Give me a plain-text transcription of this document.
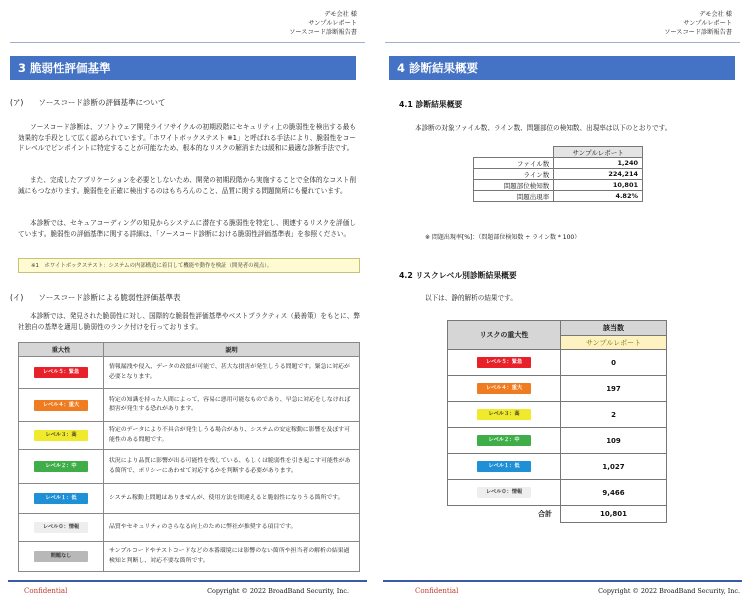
デモ会社 様
サンプルレポート
ソースコード診断報告書
3 脆弱性評価基準
(ア)　　ソースコード診断の評価基準について
ソースコード診断は、ソフトウェア開発ライフサイクルの初期段階にセキュリティ上の脆弱性を検出する最も効果的な手段として広く認められています。「ホワイトボックステスト ※1」と呼ばれる手法により、脆弱性をコードレベルでピンポイントに特定することが可能なため、根本的なリスクの解消または緩和に最適な診断手法です。
また、完成したアプリケーションを必要としないため、開発の初期段階から実施することで全体的なコスト削減にもつながります。脆弱性を正確に検出するのはもちろんのこと、品質に関する問題箇所にも優れています。
本診断では、セキュアコーディングの知見からシステムに潜在する脆弱性を特定し、関連するリスクを評価しています。脆弱性の評価基準に関する詳細は、「ソースコード診断における脆弱性評価基準表」を参照ください。
※1　ホワイトボックステスト：システムの内部構造に着目して機能や動作を検証（開発者の視点）。
(イ)　　ソースコード診断による脆弱性評価基準表
本診断では、発見された脆弱性に対し、国際的な脆弱性評価基準やベストプラクティス（最善策）をもとに、弊社独自の基準を適用し脆弱性のランク付けを行っております。
重大性	説明
レベル５：緊急	情報漏洩や侵入、データの改竄が可能で、甚大な損害が発生しうる問題です。緊急に対応が必要となります。
レベル４：重大	特定の知識を持った人間によって、容易に悪用可能なものであり、早急に対応をしなければ損害が発生する恐れがあります。
レベル３：高	特定のデータにより不具合が発生しうる場合があり、システムの安定稼動に影響を及ぼす可能性のある問題です。
レベル２：中	状況により品質に影響が出る可能性を残している、もしくは脆弱性を引き起こす可能性がある箇所で、ポリシーにあわせて対応するかを判断する必要があります。
レベル１：低	システム稼動上問題はありませんが、使用方法を間違えると脆弱性になりうる箇所です。
レベル０：情報	品質やセキュリティのさらなる向上のために弊社が推奨する項目です。
問題なし	サンプルコードやテストコードなどの本番環境には影響のない箇所や担当者の解析の結果過検知と判断し、対応不要な箇所です。
Confidential	Copyright © 2022 BroadBand Security, Inc.
デモ会社 様
サンプルレポート
ソースコード診断報告書
4 診断結果概要
4.1 診断結果概要
本診断の対象ファイル数、ライン数、問題部位の検知数、出現率は以下のとおりです。
	サンプルレポート
ファイル数	1,240
ライン数	224,214
問題部位検知数	10,801
問題出現率	4.82%
※ 問題出現率[%]：（問題部位検知数 ÷ ライン数 * 100）
4.2 リスクレベル別診断結果概要
以下は、静的解析の結果です。
リスクの重大性	該当数
	サンプルレポート
レベル５：緊急	0
レベル４：重大	197
レベル３：高	2
レベル２：中	109
レベル１：低	1,027
レベル０：情報	9,466
合計	10,801
Confidential	Copyright © 2022 BroadBand Security, Inc.
